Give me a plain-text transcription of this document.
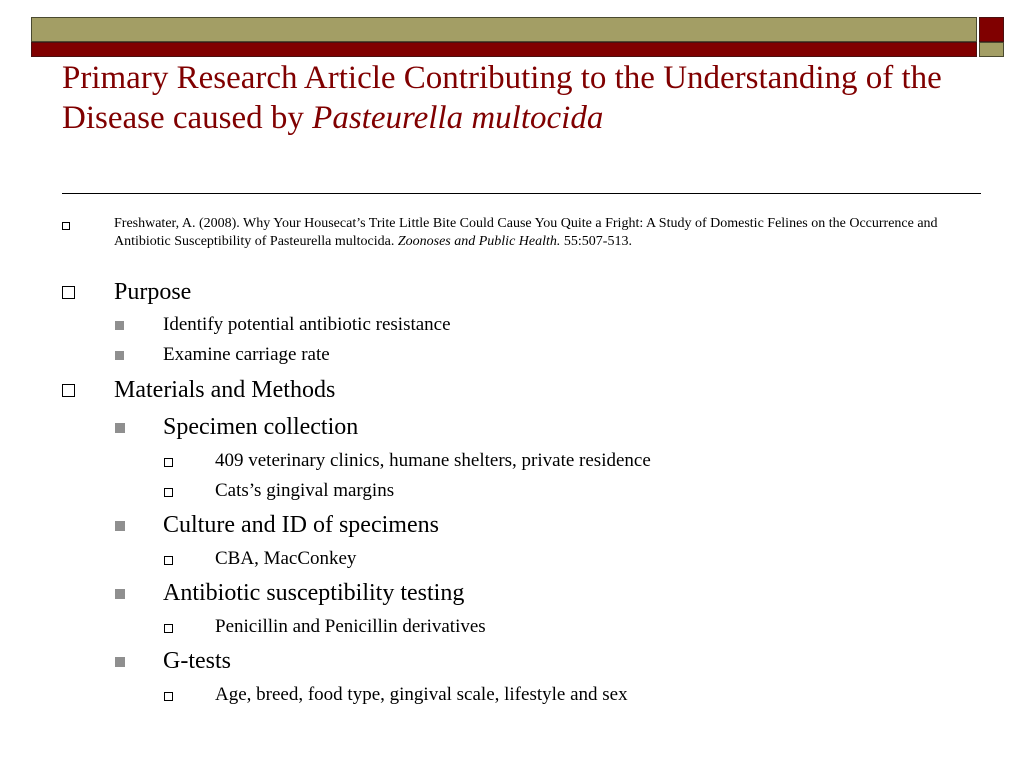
Primary Research Article Contributing to the Understanding of the Disease caused by Pasteurella multocida
Freshwater, A. (2008). Why Your Housecat’s Trite Little Bite Could Cause You Quite a Fright: A Study of Domestic Felines on the Occurrence and Antibiotic Susceptibility of Pasteurella multocida. Zoonoses and Public Health. 55:507-513.
Purpose
Identify potential antibiotic resistance
Examine carriage rate
Materials and Methods
Specimen collection
409 veterinary clinics, humane shelters, private residence
Cats’s gingival margins
Culture and ID of specimens
CBA, MacConkey
Antibiotic susceptibility testing
Penicillin and Penicillin derivatives
G-tests
Age, breed, food type, gingival scale, lifestyle and sex
